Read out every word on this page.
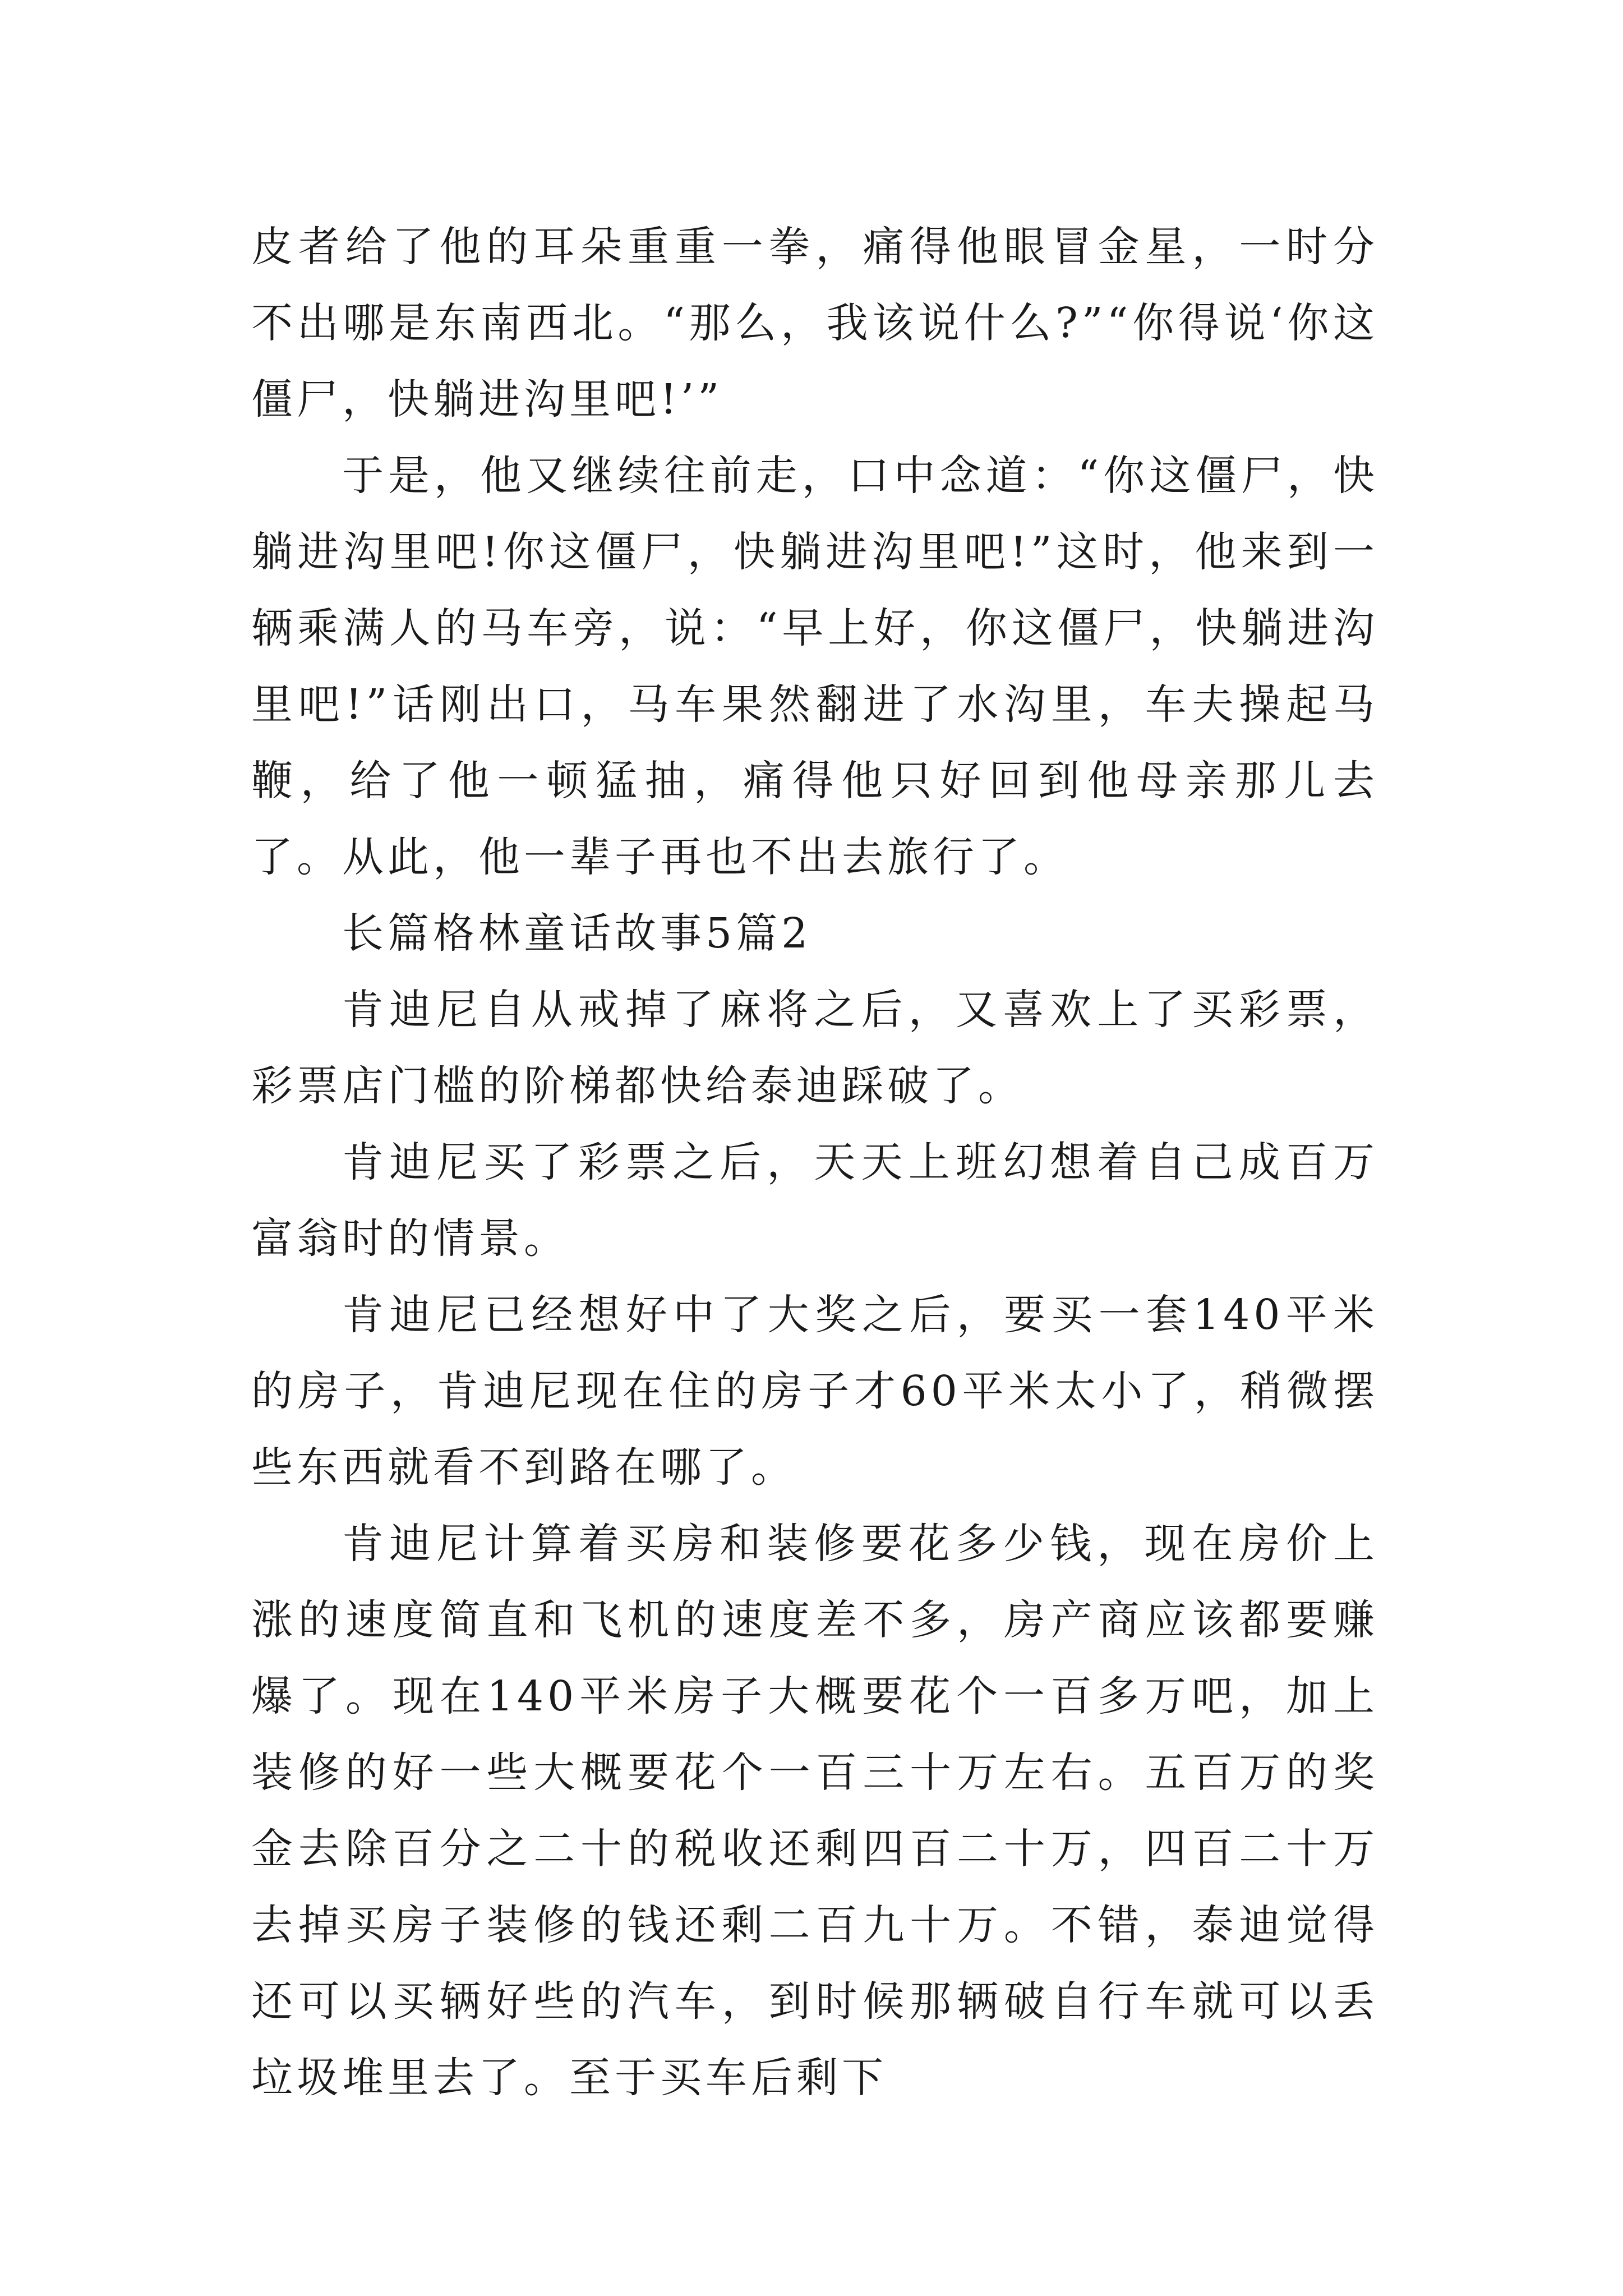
皮者给了他的耳朵重重一拳，痛得他眼冒金星，一时分不出哪是东南西北。“那么，我该说什么?”“你得说‘你这僵尸，快躺进沟里吧!’”

于是，他又继续往前走，口中念道：“你这僵尸，快躺进沟里吧!你这僵尸，快躺进沟里吧!”这时，他来到一辆乘满人的马车旁，说：“早上好，你这僵尸，快躺进沟里吧!”话刚出口，马车果然翻进了水沟里，车夫操起马鞭，给了他一顿猛抽，痛得他只好回到他母亲那儿去了。从此，他一辈子再也不出去旅行了。

长篇格林童话故事5篇2

肯迪尼自从戒掉了麻将之后，又喜欢上了买彩票，彩票店门槛的阶梯都快给泰迪踩破了。

肯迪尼买了彩票之后，天天上班幻想着自己成百万富翁时的情景。

肯迪尼已经想好中了大奖之后，要买一套140平米的房子，肯迪尼现在住的房子才60平米太小了，稍微摆些东西就看不到路在哪了。

肯迪尼计算着买房和装修要花多少钱，现在房价上涨的速度简直和飞机的速度差不多，房产商应该都要赚爆了。现在140平米房子大概要花个一百多万吧，加上装修的好一些大概要花个一百三十万左右。五百万的奖金去除百分之二十的税收还剩四百二十万，四百二十万去掉买房子装修的钱还剩二百九十万。不错，泰迪觉得还可以买辆好些的汽车，到时候那辆破自行车就可以丢垃圾堆里去了。至于买车后剩下
